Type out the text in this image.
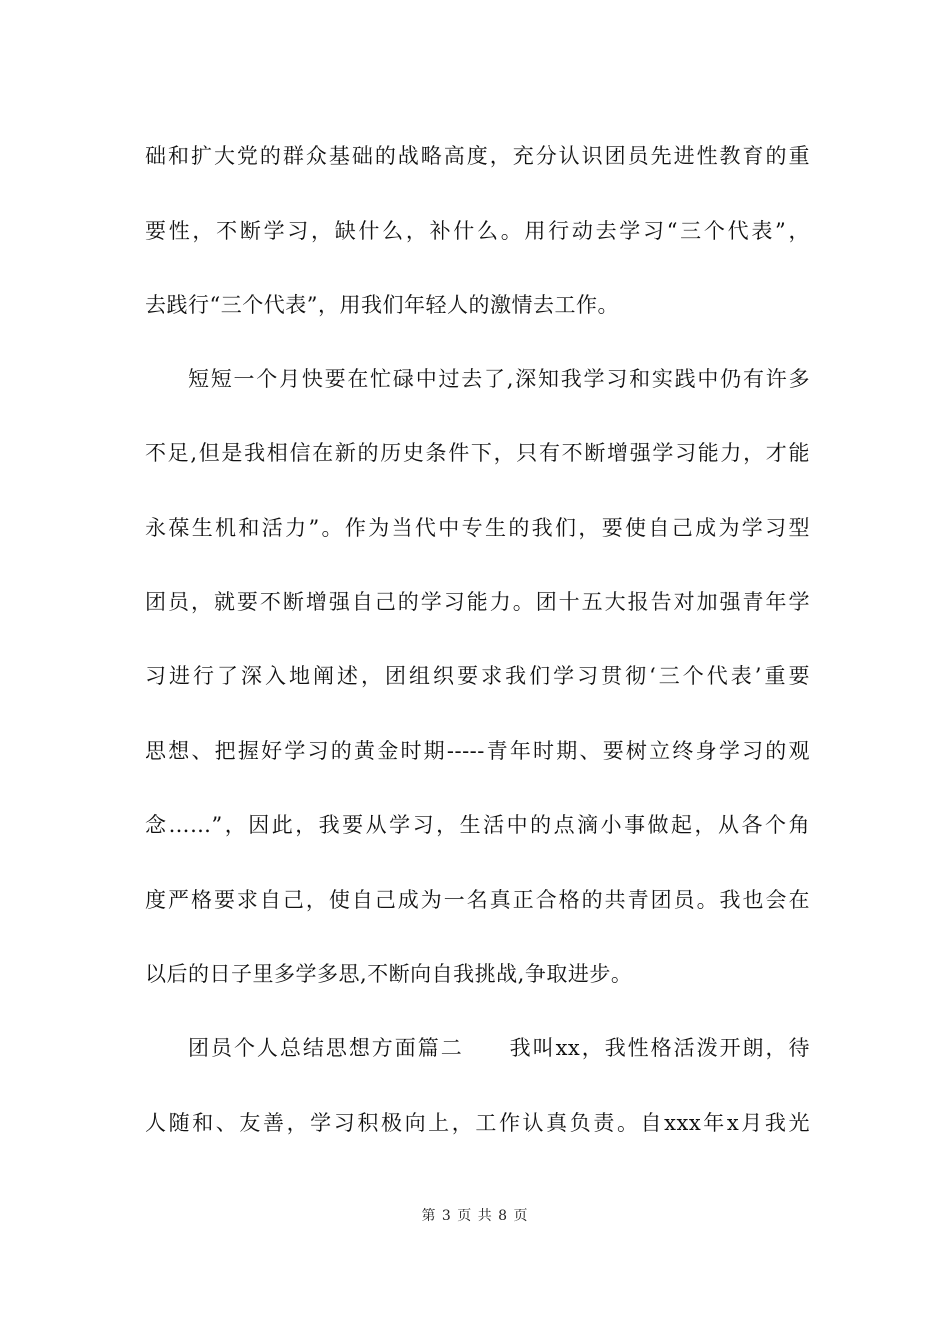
础和扩大党的群众基础的战略高度，充分认识团员先进性教育的重
要性，不断学习，缺什么，补什么。用行动去学习“三个代表”，
去践行“三个代表”，用我们年轻人的激情去工作。
短短一个月快要在忙碌中过去了,深知我学习和实践中仍有许多
不足,但是我相信在新的历史条件下，只有不断增强学习能力，才能
永葆生机和活力”。作为当代中专生的我们，要使自己成为学习型
团员，就要不断增强自己的学习能力。团十五大报告对加强青年学
习进行了深入地阐述，团组织要求我们学习贯彻‘三个代表’重要
思想、把握好学习的黄金时期-----青年时期、要树立终身学习的观
念……”，因此，我要从学习，生活中的点滴小事做起，从各个角
度严格要求自己，使自己成为一名真正合格的共青团员。我也会在
以后的日子里多学多思,不断向自我挑战,争取进步。
团员个人总结思想方面篇二　　我叫xx，我性格活泼开朗，待
人随和、友善，学习积极向上，工作认真负责。自xxx年x月我光
第 3 页 共 8 页
